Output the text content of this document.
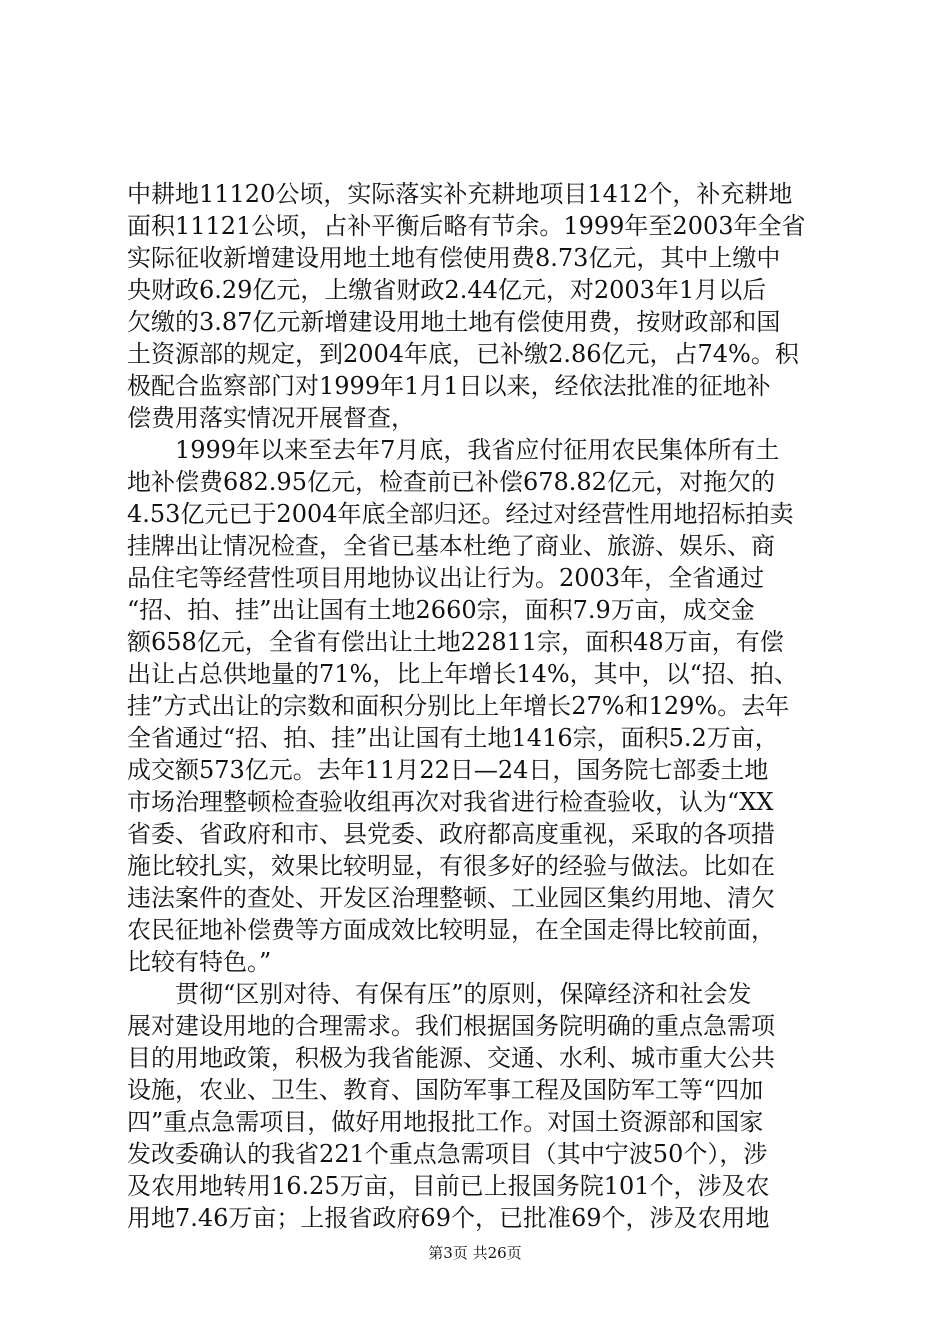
中耕地11120公顷，实际落实补充耕地项目1412个，补充耕地
面积11121公顷，占补平衡后略有节余。1999年至2003年全省
实际征收新增建设用地土地有偿使用费8.73亿元，其中上缴中
央财政6.29亿元，上缴省财政2.44亿元，对2003年1月以后
欠缴的3.87亿元新增建设用地土地有偿使用费，按财政部和国
土资源部的规定，到2004年底，已补缴2.86亿元，占74%。积
极配合监察部门对1999年1月1日以来，经依法批准的征地补
偿费用落实情况开展督查，
　　1999年以来至去年7月底，我省应付征用农民集体所有土
地补偿费682.95亿元，检查前已补偿678.82亿元，对拖欠的
4.53亿元已于2004年底全部归还。经过对经营性用地招标拍卖
挂牌出让情况检查，全省已基本杜绝了商业、旅游、娱乐、商
品住宅等经营性项目用地协议出让行为。2003年，全省通过
“招、拍、挂”出让国有土地2660宗，面积7.9万亩，成交金
额658亿元，全省有偿出让土地22811宗，面积48万亩，有偿
出让占总供地量的71%，比上年增长14%，其中，以“招、拍、
挂”方式出让的宗数和面积分别比上年增长27%和129%。去年
全省通过“招、拍、挂”出让国有土地1416宗，面积5.2万亩，
成交额573亿元。去年11月22日—24日，国务院七部委土地
市场治理整顿检查验收组再次对我省进行检查验收，认为“XX
省委、省政府和市、县党委、政府都高度重视，采取的各项措
施比较扎实，效果比较明显，有很多好的经验与做法。比如在
违法案件的查处、开发区治理整顿、工业园区集约用地、清欠
农民征地补偿费等方面成效比较明显，在全国走得比较前面，
比较有特色。”
　　贯彻“区别对待、有保有压”的原则，保障经济和社会发
展对建设用地的合理需求。我们根据国务院明确的重点急需项
目的用地政策，积极为我省能源、交通、水利、城市重大公共
设施，农业、卫生、教育、国防军事工程及国防军工等“四加
四”重点急需项目，做好用地报批工作。对国土资源部和国家
发改委确认的我省221个重点急需项目（其中宁波50个），涉
及农用地转用16.25万亩，目前已上报国务院101个，涉及农
用地7.46万亩；上报省政府69个，已批准69个，涉及农用地
第3页 共26页
